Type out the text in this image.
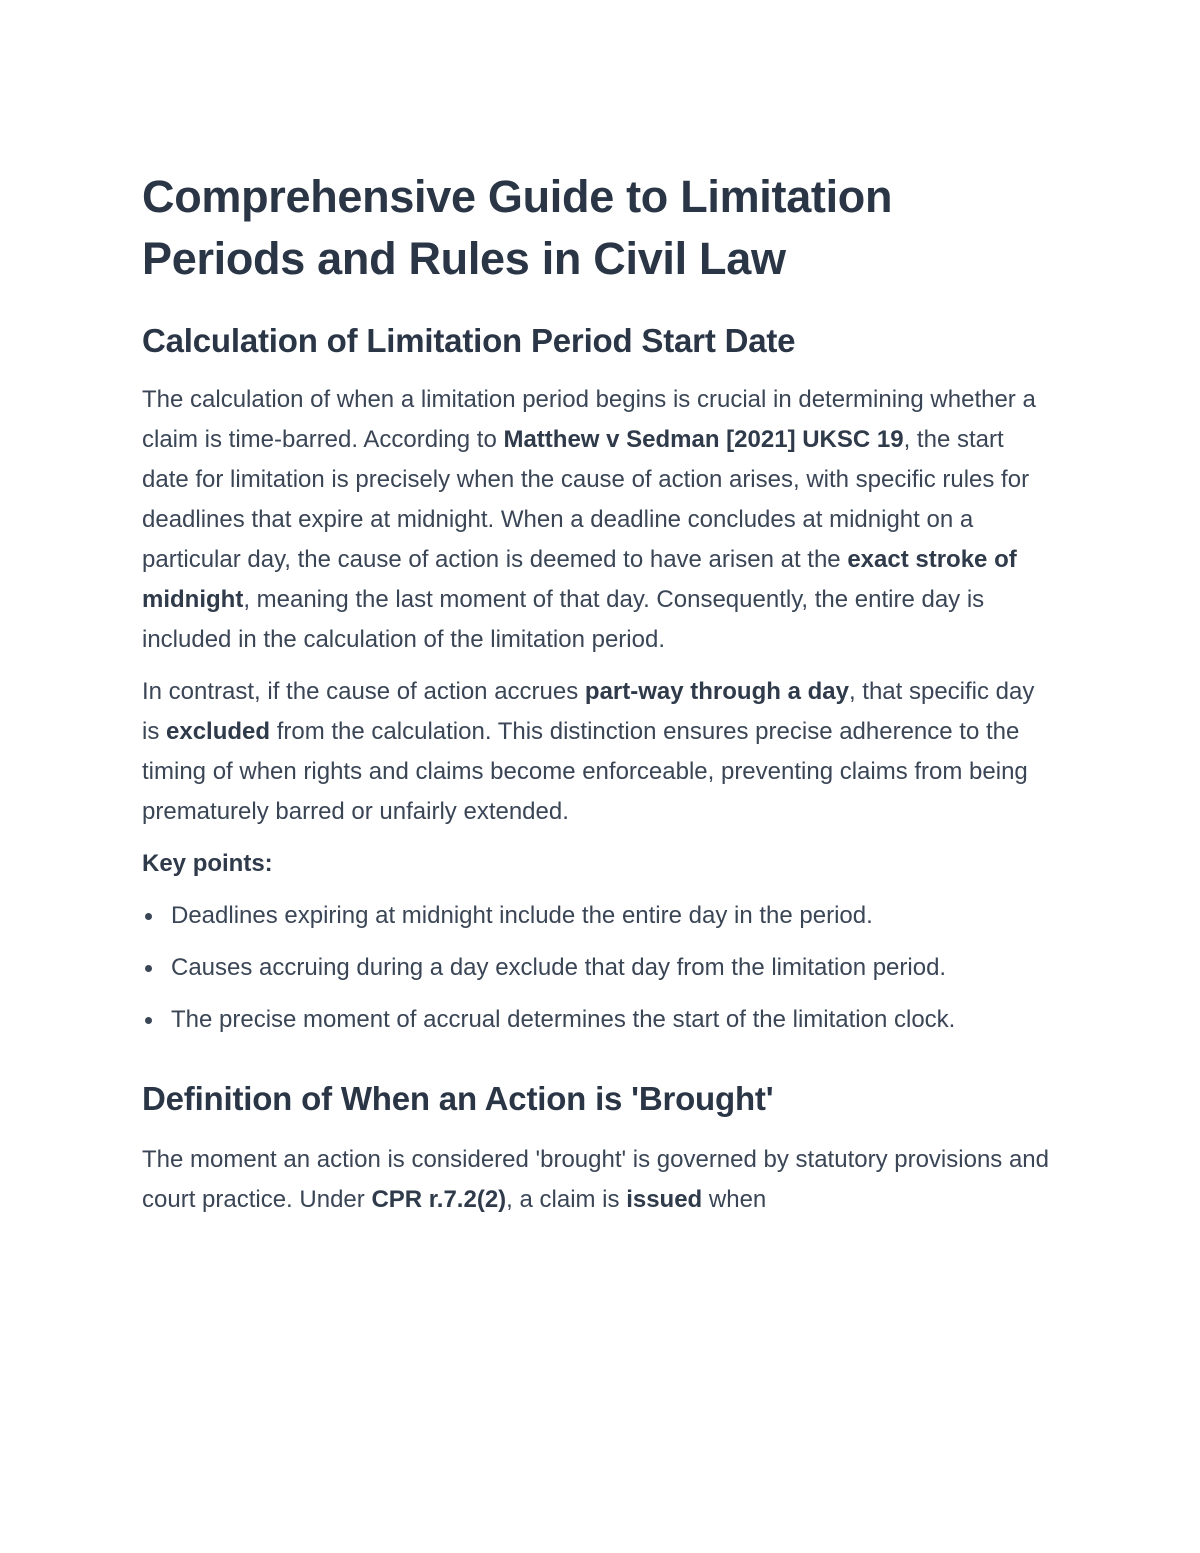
Comprehensive Guide to Limitation Periods and Rules in Civil Law
Calculation of Limitation Period Start Date

The calculation of when a limitation period begins is crucial in determining whether a claim is time-barred. According to Matthew v Sedman [2021] UKSC 19, the start date for limitation is precisely when the cause of action arises, with specific rules for deadlines that expire at midnight. When a deadline concludes at midnight on a particular day, the cause of action is deemed to have arisen at the exact stroke of midnight, meaning the last moment of that day. Consequently, the entire day is included in the calculation of the limitation period.

In contrast, if the cause of action accrues part-way through a day, that specific day is excluded from the calculation. This distinction ensures precise adherence to the timing of when rights and claims become enforceable, preventing claims from being prematurely barred or unfairly extended.

Key points:

Deadlines expiring at midnight include the entire day in the period.
Causes accruing during a day exclude that day from the limitation period.
The precise moment of accrual determines the start of the limitation clock.
Definition of When an Action is 'Brought'

The moment an action is considered 'brought' is governed by statutory provisions and court practice. Under CPR r.7.2(2), a claim is issued when
